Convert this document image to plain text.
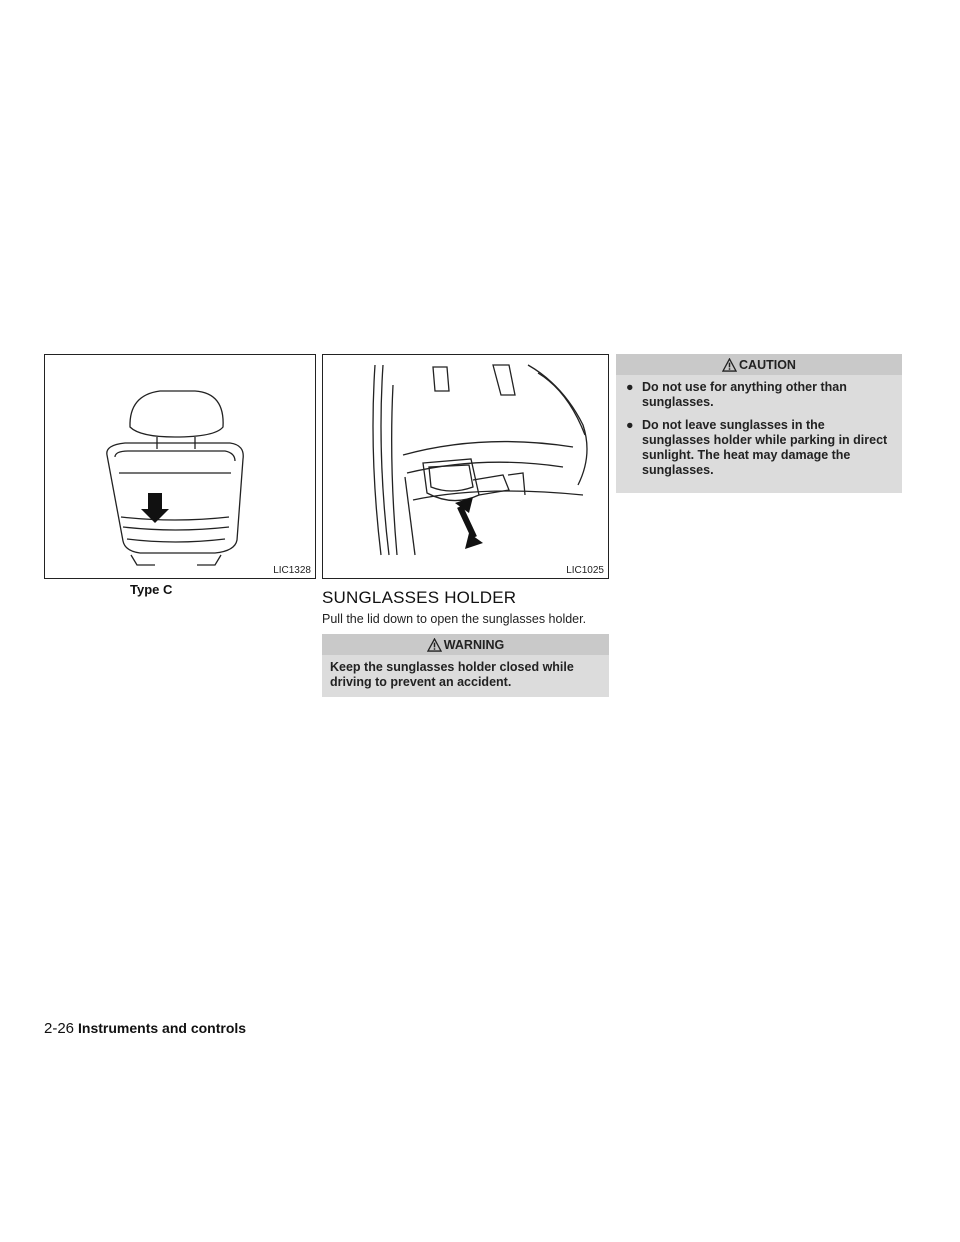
LIC1328
Type C
LIC1025
SUNGLASSES HOLDER
Pull the lid down to open the sunglasses holder.
WARNING
Keep the sunglasses holder closed while driving to prevent an accident.
CAUTION
● Do not use for anything other than sunglasses.
● Do not leave sunglasses in the sunglasses holder while parking in direct sunlight. The heat may damage the sunglasses.
2-26 Instruments and controls
